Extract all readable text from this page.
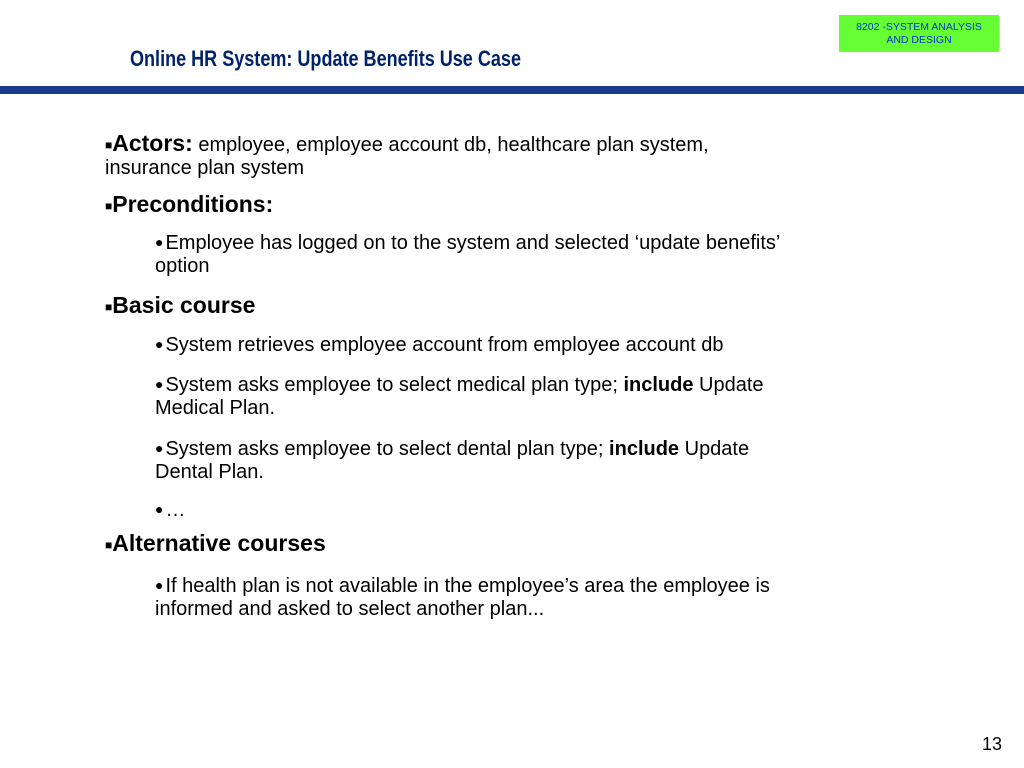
8202 -SYSTEM ANALYSIS
AND DESIGN
Online HR System: Update Benefits Use Case
■Actors: employee, employee account db, healthcare plan system,
insurance plan system
■Preconditions:
● Employee has logged on to the system and selected ‘update benefits’
option
■Basic course
● System retrieves employee account from employee account db
● System asks employee to select medical plan type; include Update
Medical Plan.
● System asks employee to select dental plan type; include Update
Dental Plan.
● …
■Alternative courses
● If health plan is not available in the employee’s area the employee is
informed and asked to select another plan...
13
